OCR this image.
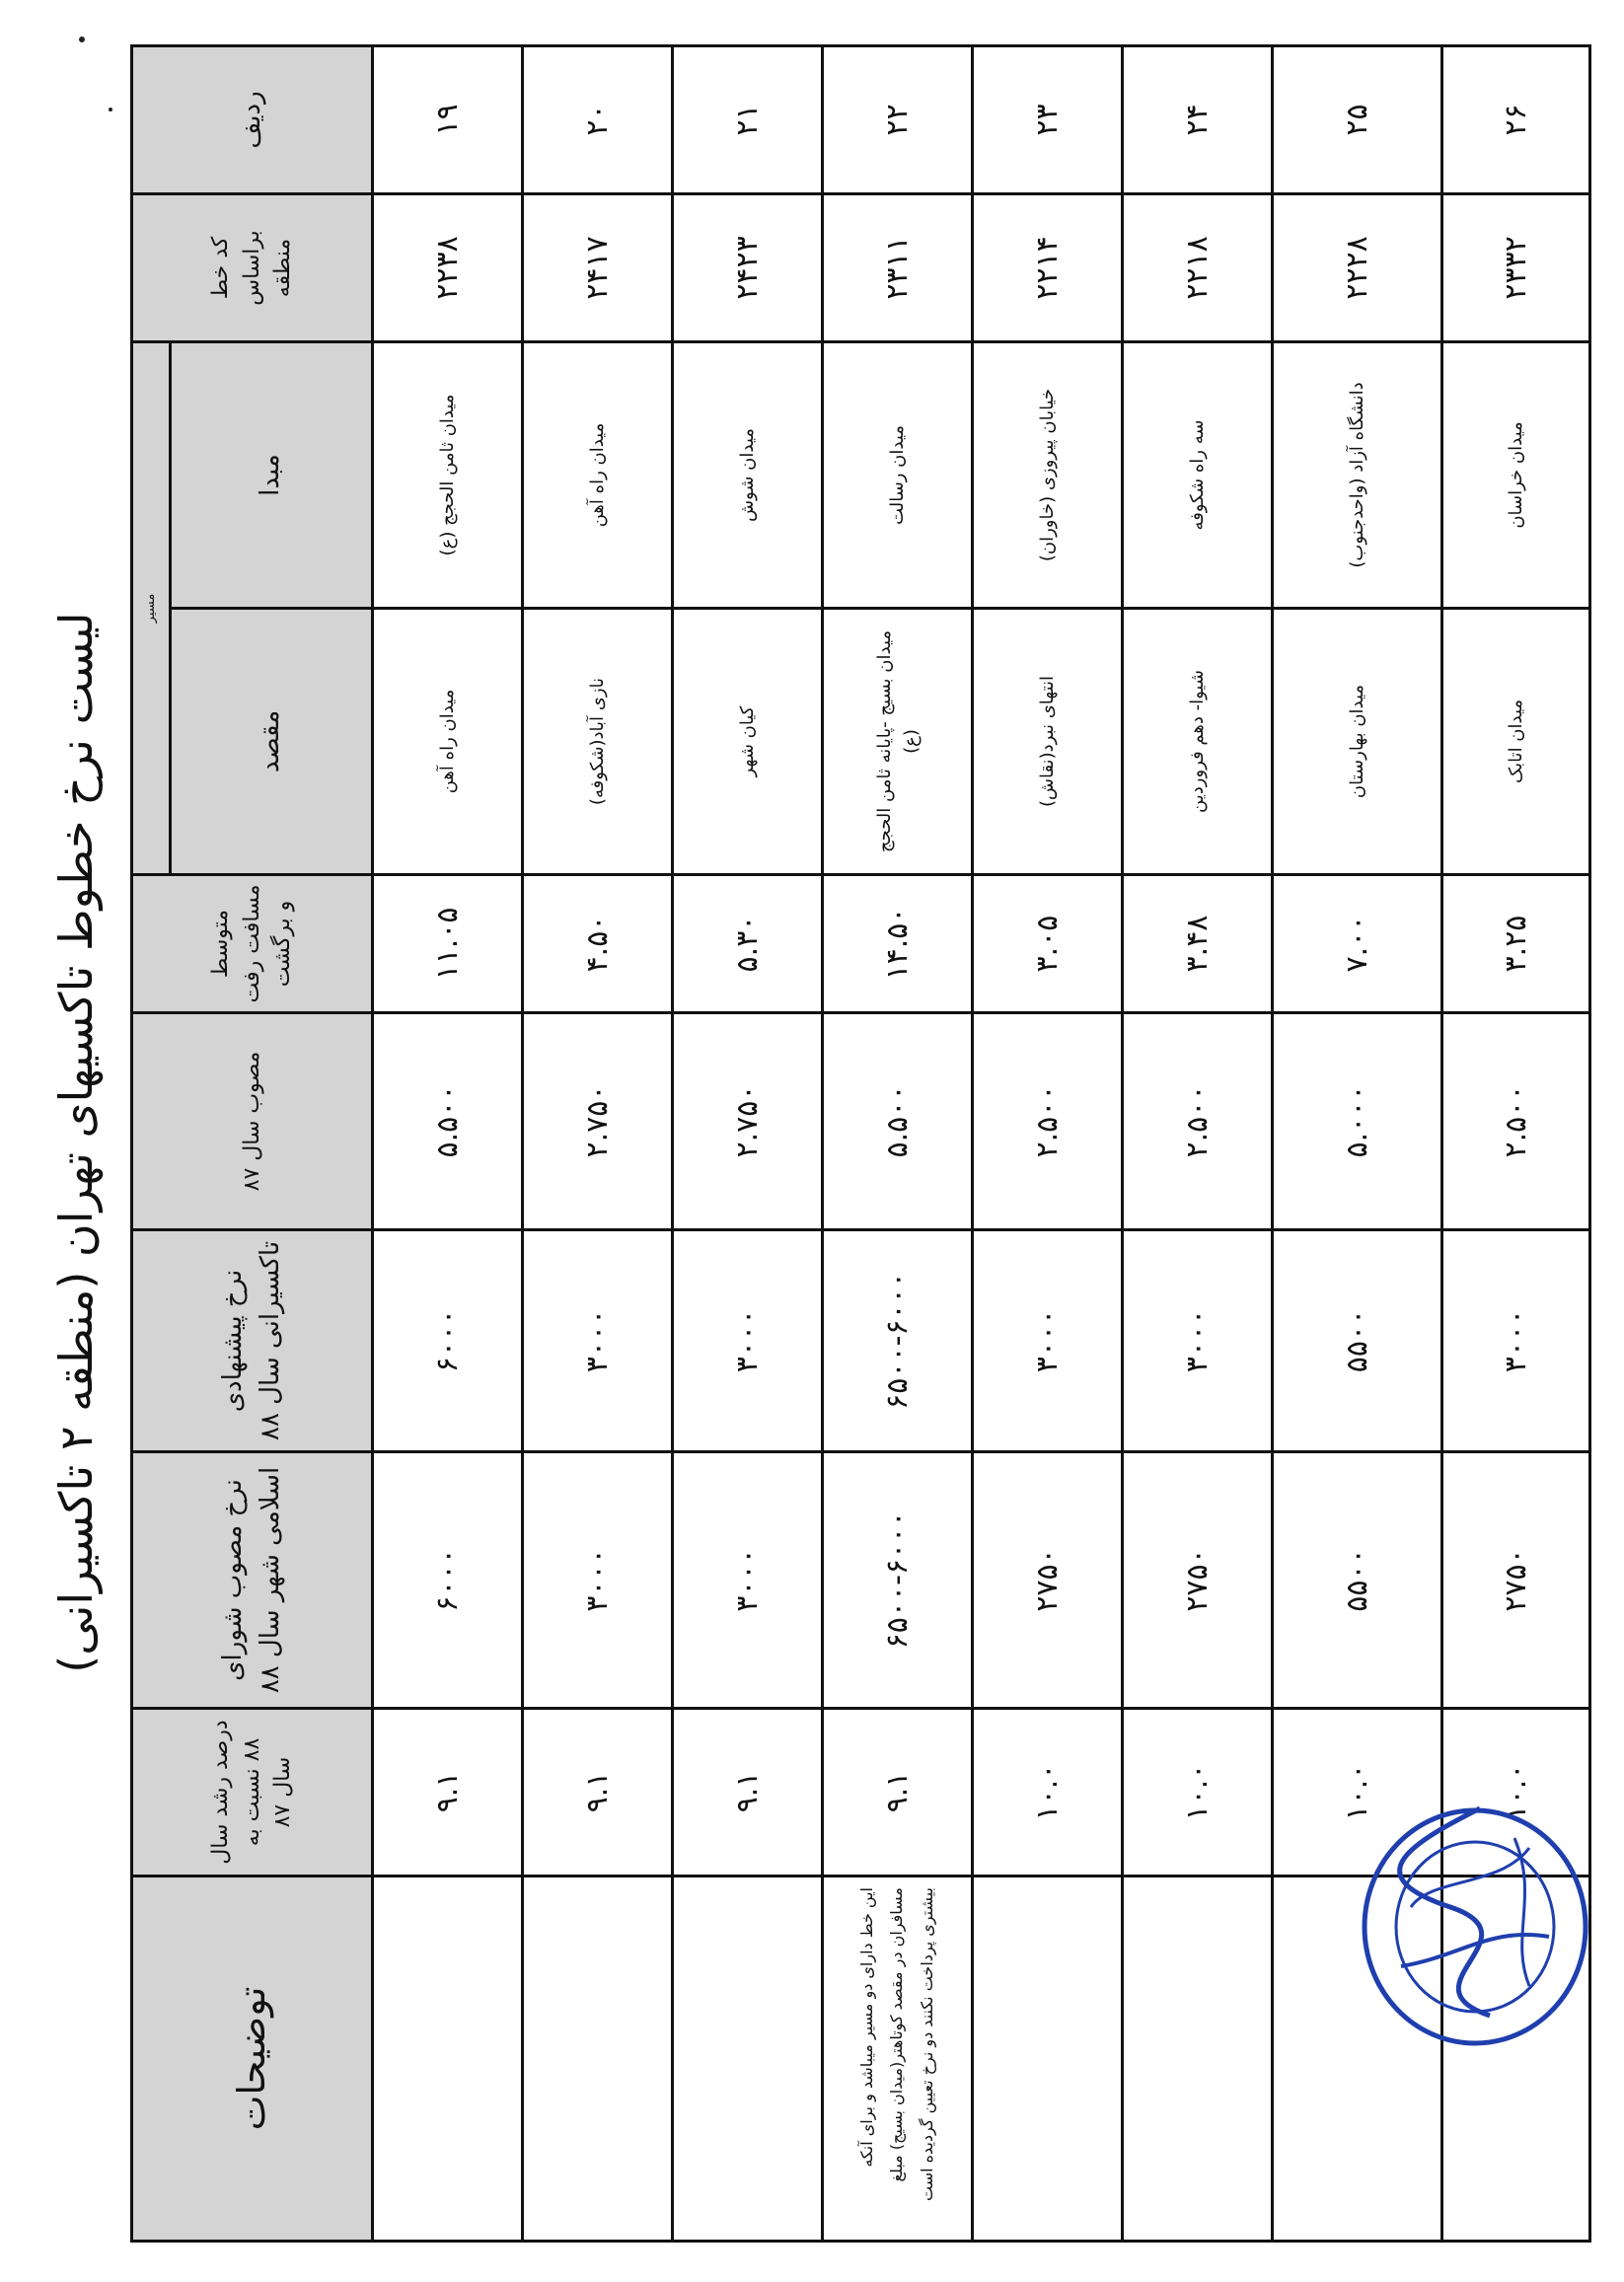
لیست نرخ خطوط تاکسیهای تهران (منطقه ۲ تاکسیرانی)
ردیف	کد خط براساس منطقه	مسیر		متوسط مسافت رفت و برگشت	مصوب سال ۸۷	نرخ پیشنهادی تاکسیرانی سال ۸۸	نرخ مصوب شورای اسلامی شهر سال ۸۸	درصد رشد سال ۸۸ نسبت به سال ۸۷	توضیحات
		مبدا	مقصد						
۱۹	۲۲۳۸	میدان ثامن الحجج (ع)	میدان راه آهن	۱۱.۰۵	۵.۵۰۰	۶۰۰۰	۶۰۰۰	۹.۱	
۲۰	۲۴۱۷	میدان راه آهن	نازی آباد(شکوفه)	۴.۵۰	۲.۷۵۰	۳۰۰۰	۳۰۰۰	۹.۱	
۲۱	۲۴۲۳	میدان شوش	کیان شهر	۵.۳۰	۲.۷۵۰	۳۰۰۰	۳۰۰۰	۹.۱	
۲۲	۲۳۱۱	میدان رسالت	میدان بسیج -پایانه ثامن الحجج (ع)	۱۴.۵۰	۵.۵۰۰	۶۵۰۰-۶۰۰۰	۶۵۰۰-۶۰۰۰	۹.۱	این خط دارای دو مسیر میباشد و برای آنکه مسافران در مقصد کوتاهتر(میدان بسیج) مبلغ بیشتری پرداخت نکنند دو نرخ تعیین گردیده است
۲۳	۲۲۱۴	خیابان پیروزی (خاوران)	انتهای نبرد(نقاش)	۳.۰۵	۲.۵۰۰	۳۰۰۰	۲۷۵۰	۱۰.۰	
۲۴	۲۲۱۸	سه راه شکوفه	شیوا- دهم فروردین	۳.۴۸	۲.۵۰۰	۳۰۰۰	۲۷۵۰	۱۰.۰	
۲۵	۲۲۲۸	دانشگاه آزاد (واحدجنوب)	میدان بهارستان	۷.۰۰	۵.۰۰۰	۵۵۰۰	۵۵۰۰	۱۰.۰	
۲۶	۲۳۳۲	میدان خراسان	میدان اتابک	۳.۲۵	۲.۵۰۰	۳۰۰۰	۲۷۵۰	۱۰.۰	
